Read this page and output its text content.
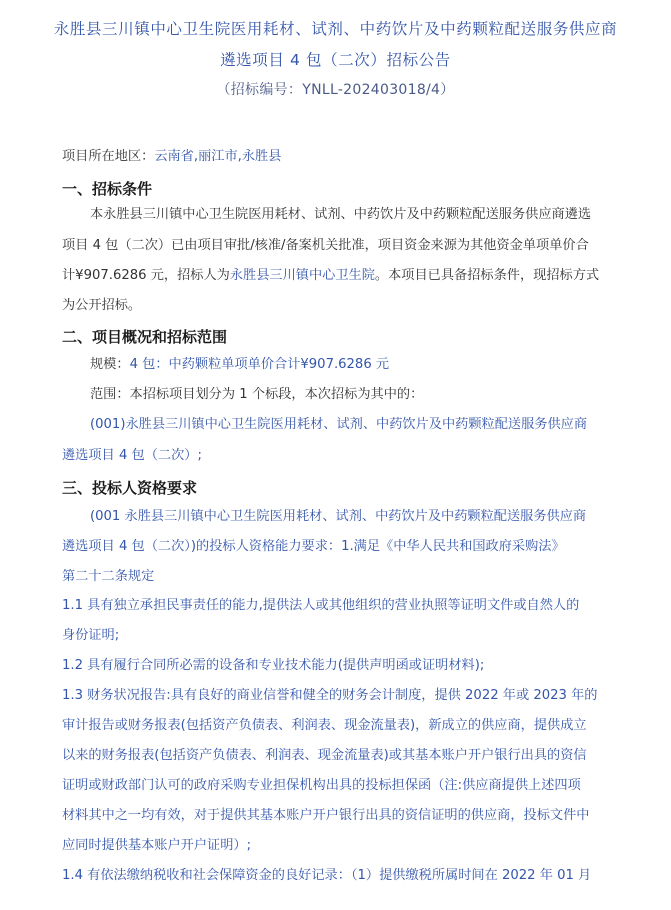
永胜县三川镇中心卫生院医用耗材、试剂、中药饮片及中药颗粒配送服务供应商
遴选项目 4 包（二次）招标公告
（招标编号：YNLL-202403018/4）
项目所在地区：云南省,丽江市,永胜县
一、招标条件
本永胜县三川镇中心卫生院医用耗材、试剂、中药饮片及中药颗粒配送服务供应商遴选
项目 4 包（二次）已由项目审批/核准/备案机关批准，项目资金来源为其他资金单项单价合
计¥907.6286 元，招标人为永胜县三川镇中心卫生院。本项目已具备招标条件，现招标方式
为公开招标。
二、项目概况和招标范围
规模：4 包：中药颗粒单项单价合计¥907.6286 元
范围：本招标项目划分为 1 个标段，本次招标为其中的：
(001)永胜县三川镇中心卫生院医用耗材、试剂、中药饮片及中药颗粒配送服务供应商
遴选项目 4 包（二次）;
三、投标人资格要求
(001 永胜县三川镇中心卫生院医用耗材、试剂、中药饮片及中药颗粒配送服务供应商
遴选项目 4 包（二次）)的投标人资格能力要求：1.满足《中华人民共和国政府采购法》
第二十二条规定
1.1 具有独立承担民事责任的能力,提供法人或其他组织的营业执照等证明文件或自然人的
身份证明;
1.2 具有履行合同所必需的设备和专业技术能力(提供声明函或证明材料);
1.3 财务状况报告:具有良好的商业信誉和健全的财务会计制度，提供 2022 年或 2023 年的
审计报告或财务报表(包括资产负债表、利润表、现金流量表)，新成立的供应商，提供成立
以来的财务报表(包括资产负债表、利润表、现金流量表)或其基本账户开户银行出具的资信
证明或财政部门认可的政府采购专业担保机构出具的投标担保函（注:供应商提供上述四项
材料其中之一均有效，对于提供其基本账户开户银行出具的资信证明的供应商，投标文件中
应同时提供基本账户开户证明）;
1.4 有依法缴纳税收和社会保障资金的良好记录：（1）提供缴税所属时间在 2022 年 01 月
